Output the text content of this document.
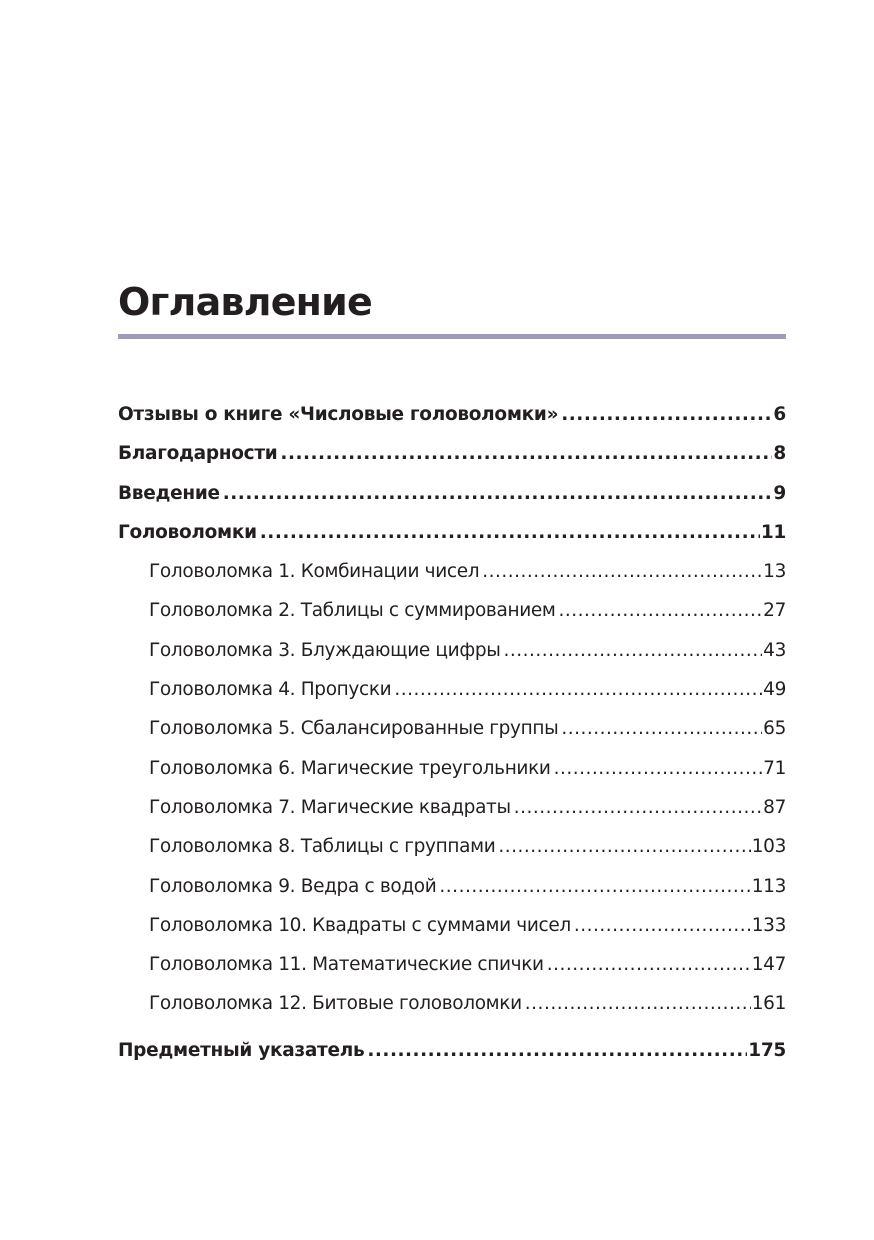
Оглавление
Отзывы о книге «Числовые головоломки» .....	6
Благодарности .....	8
Введение .....	9
Головоломки .....	11
Головоломка 1. Комбинации чисел .....	13
Головоломка 2. Таблицы с суммированием .....	27
Головоломка 3. Блуждающие цифры .....	43
Головоломка 4. Пропуски .....	49
Головоломка 5. Сбалансированные группы .....	65
Головоломка 6. Магические треугольники .....	71
Головоломка 7. Магические квадраты .....	87
Головоломка 8. Таблицы с группами .....	103
Головоломка 9. Ведра с водой .....	113
Головоломка 10. Квадраты с суммами чисел .....	133
Головоломка 11. Математические спички .....	147
Головоломка 12. Битовые головоломки .....	161
Предметный указатель .....	175
